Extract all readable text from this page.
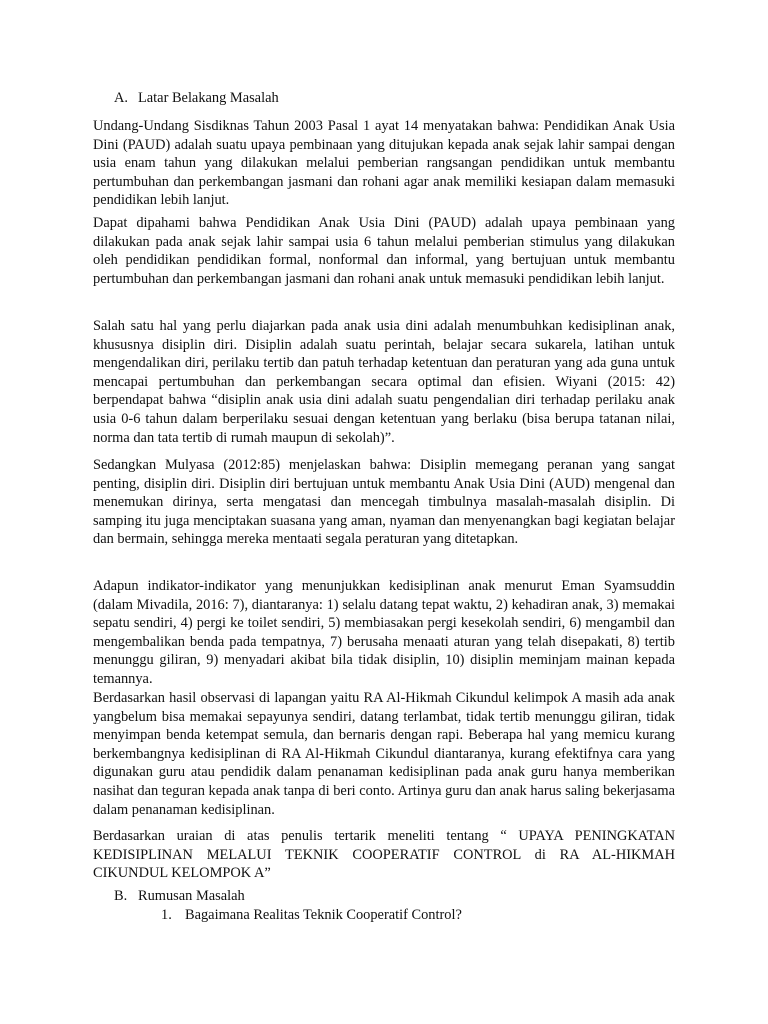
A. Latar Belakang Masalah

Undang-Undang Sisdiknas Tahun 2003 Pasal 1 ayat 14 menyatakan bahwa: Pendidikan Anak Usia Dini (PAUD) adalah suatu upaya pembinaan yang ditujukan kepada anak sejak lahir sampai dengan usia enam tahun yang dilakukan melalui pemberian rangsangan pendidikan untuk membantu pertumbuhan dan perkembangan jasmani dan rohani agar anak memiliki kesiapan dalam memasuki pendidikan lebih lanjut.

Dapat dipahami bahwa Pendidikan Anak Usia Dini (PAUD) adalah upaya pembinaan yang dilakukan pada anak sejak lahir sampai usia 6 tahun melalui pemberian stimulus yang dilakukan oleh pendidikan pendidikan formal, nonformal dan informal, yang bertujuan untuk membantu pertumbuhan dan perkembangan jasmani dan rohani anak untuk memasuki pendidikan lebih lanjut.

Salah satu hal yang perlu diajarkan pada anak usia dini adalah menumbuhkan kedisiplinan anak, khususnya disiplin diri. Disiplin adalah suatu perintah, belajar secara sukarela, latihan untuk mengendalikan diri, perilaku tertib dan patuh terhadap ketentuan dan peraturan yang ada guna untuk mencapai pertumbuhan dan perkembangan secara optimal dan efisien. Wiyani (2015: 42) berpendapat bahwa “disiplin anak usia dini adalah suatu pengendalian diri terhadap perilaku anak usia 0-6 tahun dalam berperilaku sesuai dengan ketentuan yang berlaku (bisa berupa tatanan nilai, norma dan tata tertib di rumah maupun di sekolah)”.

Sedangkan Mulyasa (2012:85) menjelaskan bahwa: Disiplin memegang peranan yang sangat penting, disiplin diri. Disiplin diri bertujuan untuk membantu Anak Usia Dini (AUD) mengenal dan menemukan dirinya, serta mengatasi dan mencegah timbulnya masalah-masalah disiplin. Di samping itu juga menciptakan suasana yang aman, nyaman dan menyenangkan bagi kegiatan belajar dan bermain, sehingga mereka mentaati segala peraturan yang ditetapkan.

Adapun indikator-indikator yang menunjukkan kedisiplinan anak menurut Eman Syamsuddin (dalam Mivadila, 2016: 7), diantaranya: 1) selalu datang tepat waktu, 2) kehadiran anak, 3) memakai sepatu sendiri, 4) pergi ke toilet sendiri, 5) membiasakan pergi kesekolah sendiri, 6) mengambil dan mengembalikan benda pada tempatnya, 7) berusaha menaati aturan yang telah disepakati, 8) tertib menunggu giliran, 9) menyadari akibat bila tidak disiplin, 10) disiplin meminjam mainan kepada temannya.

Berdasarkan hasil observasi di lapangan yaitu RA Al-Hikmah Cikundul kelimpok A masih ada anak yangbelum bisa memakai sepayunya sendiri, datang terlambat, tidak tertib menunggu giliran, tidak menyimpan benda ketempat semula, dan bernaris dengan rapi. Beberapa hal yang memicu kurang berkembangnya kedisiplinan di RA Al-Hikmah Cikundul diantaranya, kurang efektifnya cara yang digunakan guru atau pendidik dalam penanaman kedisiplinan pada anak guru hanya memberikan nasihat dan teguran kepada anak tanpa di beri conto. Artinya guru dan anak harus saling bekerjasama dalam penanaman kedisiplinan.

Berdasarkan uraian di atas penulis tertarik meneliti tentang “ UPAYA PENINGKATAN KEDISIPLINAN MELALUI TEKNIK COOPERATIF CONTROL di RA AL-HIKMAH CIKUNDUL KELOMPOK A”

B. Rumusan Masalah
1. Bagaimana Realitas Teknik Cooperatif Control?
